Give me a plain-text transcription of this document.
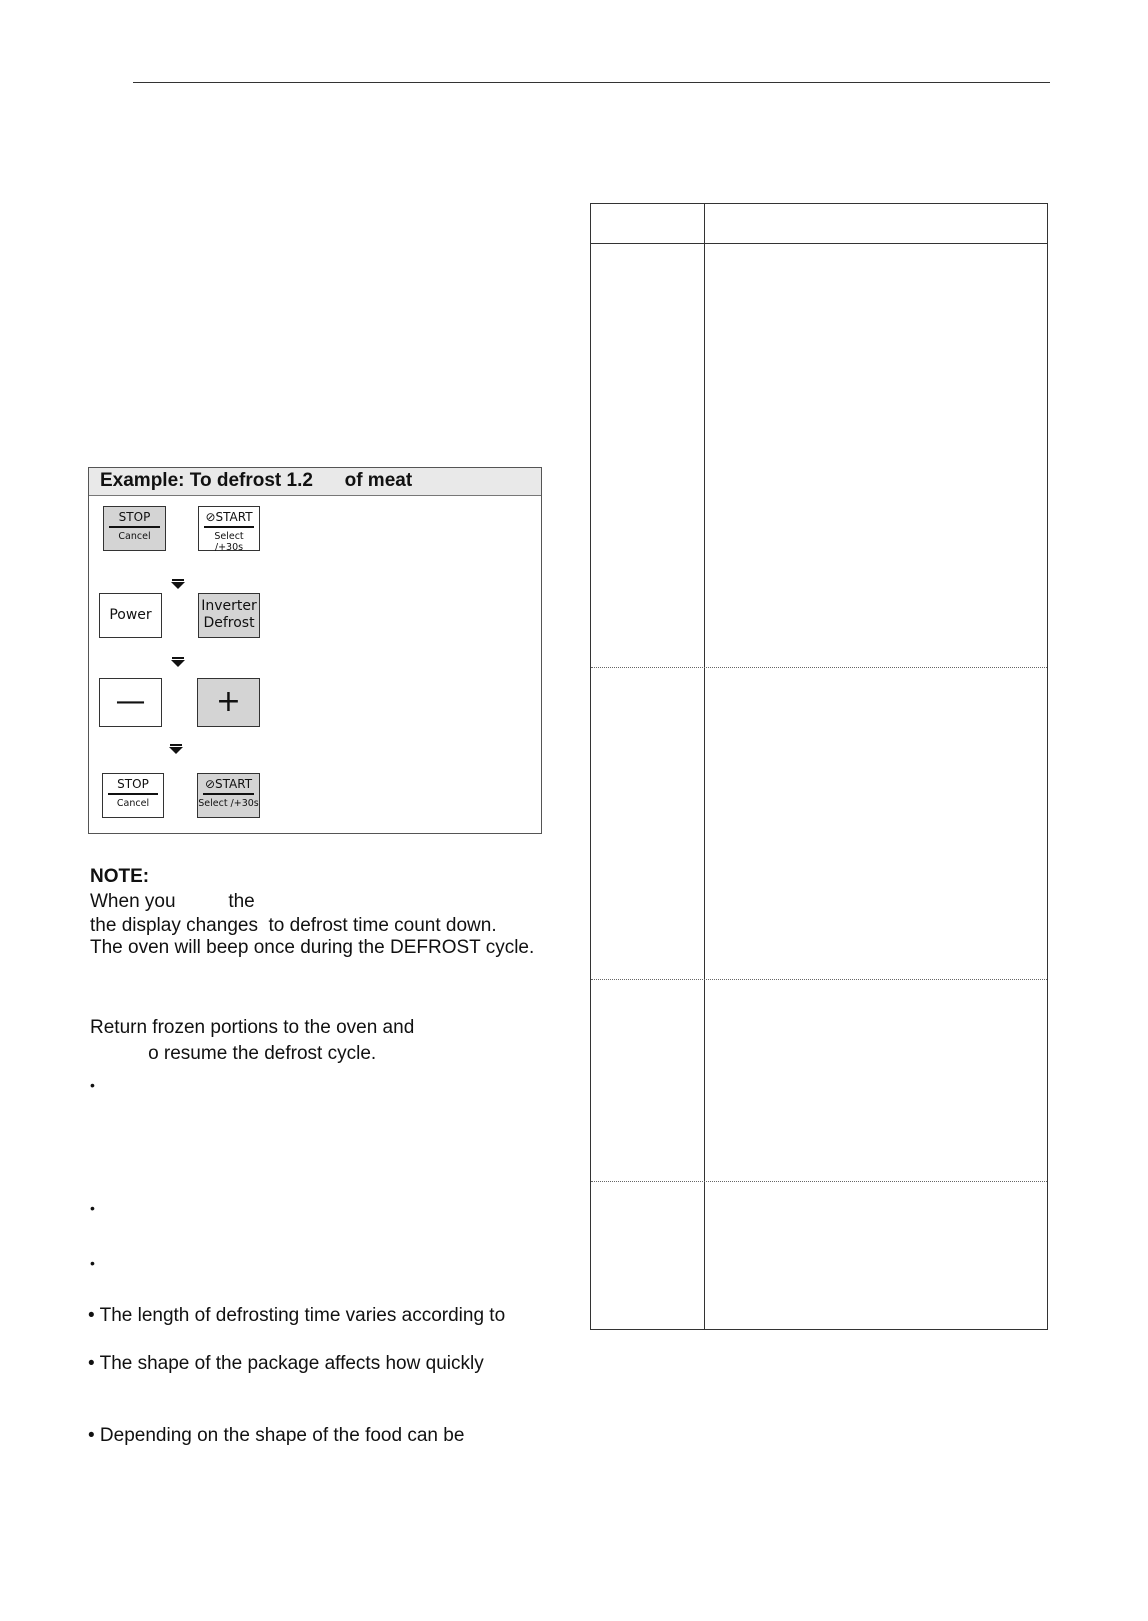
Example: To defrost 1.2      of meat
STOP
Cancel
⊘START
Select /+30s
Power
Inverter
Defrost
—	+
STOP
Cancel
⊘START
Select /+30s
NOTE:
When you          the
the display changes  to defrost time count down.
The oven will beep once during the DEFROST cycle.
Return frozen portions to the oven and
o resume the defrost cycle.
•
•
•
• The length of defrosting time varies according to
• The shape of the package affects how quickly
• Depending on the shape of the food can be
